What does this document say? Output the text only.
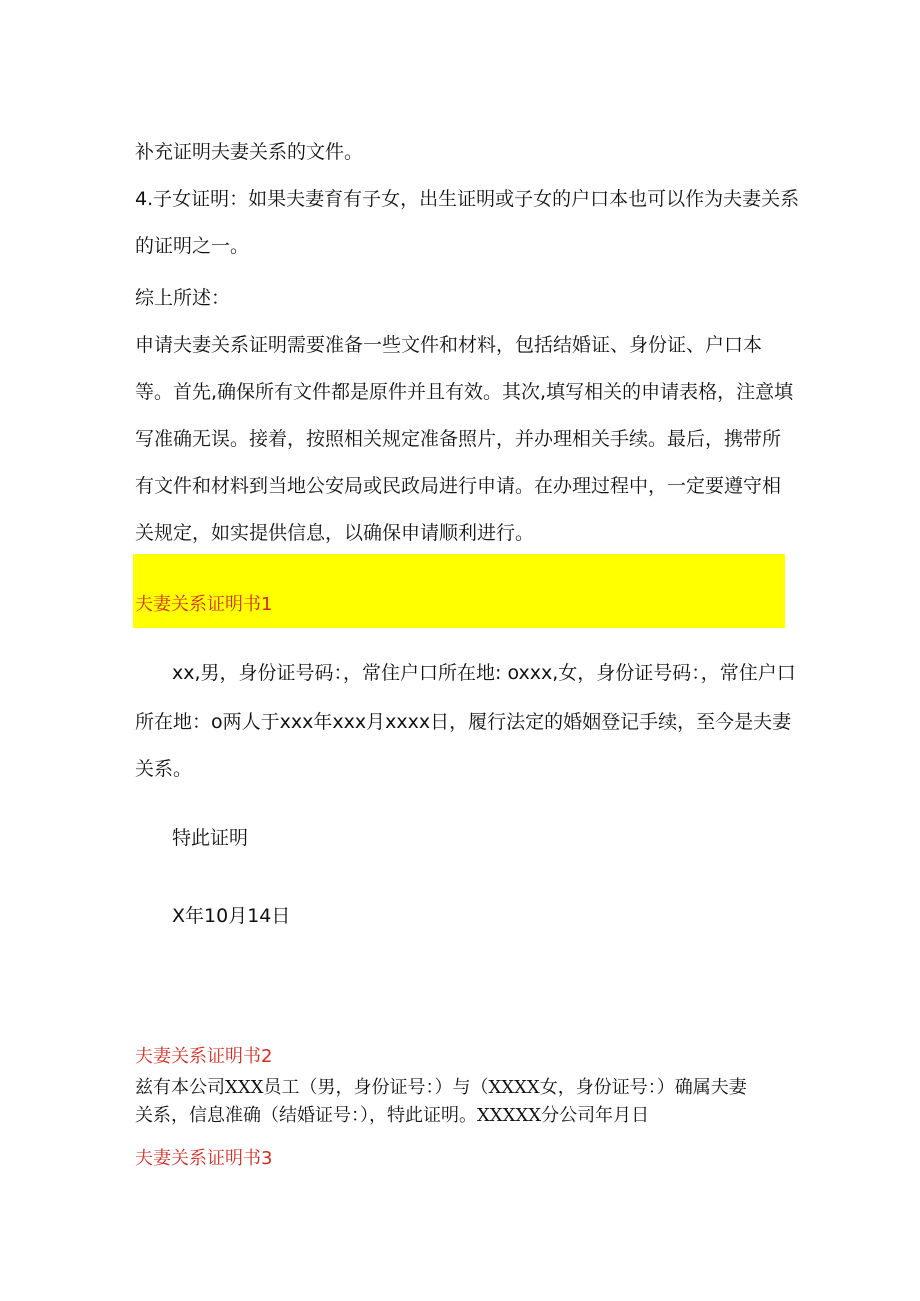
补充证明夫妻关系的文件。
4.子女证明：如果夫妻育有子女，出生证明或子女的户口本也可以作为夫妻关系
的证明之一。
综上所述：
申请夫妻关系证明需要准备一些文件和材料，包括结婚证、身份证、户口本
等。首先,确保所有文件都是原件并且有效。其次,填写相关的申请表格，注意填
写准确无误。接着，按照相关规定准备照片，并办理相关手续。最后，携带所
有文件和材料到当地公安局或民政局进行申请。在办理过程中，一定要遵守相
关规定，如实提供信息，以确保申请顺利进行。
夫妻关系证明书1
xx,男，身份证号码：，常住户口所在地: oxxx,女，身份证号码：，常住户口
所在地：o两人于xxx年xxx月xxxx日，履行法定的婚姻登记手续，至今是夫妻
关系。
特此证明
X年10月14日
夫妻关系证明书2
兹有本公司XXX员工（男，身份证号：）与（XXXX女，身份证号：）确属夫妻
关系，信息准确（结婚证号：），特此证明。XXXXX分公司年月日
夫妻关系证明书3
